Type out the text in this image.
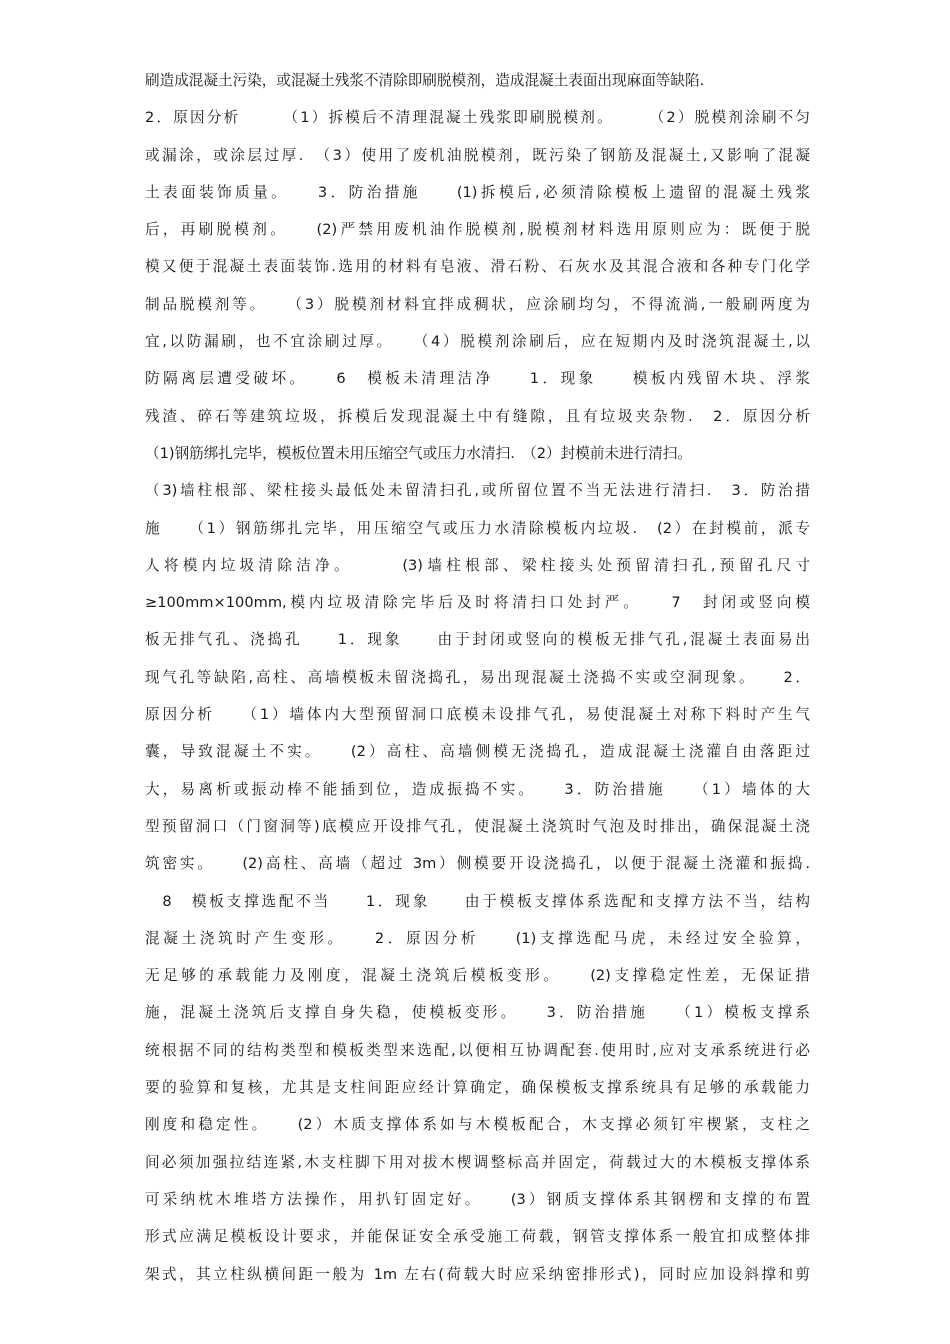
刷造成混凝土污染，或混凝土残浆不清除即刷脱模剂，造成混凝土表面出现麻面等缺陷.
2．原因分析　　　（1）拆模后不清理混凝土残浆即刷脱模剂。　　　（2）脱模剂涂刷不匀
或漏涂，或涂层过厚.　（3）使用了废机油脱模剂，既污染了钢筋及混凝土,又影响了混凝
土表面装饰质量。　　3．防治措施　　(1)拆模后,必须清除模板上遗留的混凝土残浆
后，再刷脱模剂。　　(2)严禁用废机油作脱模剂,脱模剂材料选用原则应为：既便于脱
模又便于混凝土表面装饰.选用的材料有皂液、滑石粉、石灰水及其混合液和各种专门化学
制品脱模剂等。　　（3）脱模剂材料宜拌成稠状，应涂刷均匀，不得流淌,一般刷两度为
宜,以防漏刷，也不宜涂刷过厚。　　（4）脱模剂涂刷后，应在短期内及时浇筑混凝土,以
防隔离层遭受破坏。　　6　模板未清理洁净　　1．现象　　模板内残留木块、浮浆
残渣、碎石等建筑垃圾，拆模后发现混凝土中有缝隙，且有垃圾夹杂物.　2．原因分析
（1)钢筋绑扎完毕，模板位置未用压缩空气或压力水清扫.　（2）封模前未进行清扫。
（3)墙柱根部、梁柱接头最低处未留清扫孔,或所留位置不当无法进行清扫.　3．防治措
施　　（1）钢筋绑扎完毕，用压缩空气或压力水清除模板内垃圾.　(2）在封模前，派专
人将模内垃圾清除洁净。　　　(3)墙柱根部、梁柱接头处预留清扫孔,预留孔尺寸
≥100mm×100mm,模内垃圾清除完毕后及时将清扫口处封严。　　7　封闭或竖向模
板无排气孔、浇捣孔　　1．现象　　由于封闭或竖向的模板无排气孔,混凝土表面易出
现气孔等缺陷,高柱、高墙模板未留浇捣孔，易出现混凝土浇捣不实或空洞现象。　　2．
原因分析　　（1）墙体内大型预留洞口底模未设排气孔，易使混凝土对称下料时产生气
囊，导致混凝土不实。　　(2）高柱、高墙侧模无浇捣孔，造成混凝土浇灌自由落距过
大，易离析或振动棒不能插到位，造成振捣不实。　　3．防治措施　　（1）墙体的大
型预留洞口（门窗洞等)底模应开设排气孔，使混凝土浇筑时气泡及时排出，确保混凝土浇
筑密实。　　(2)高柱、高墙（超过 3m）侧模要开设浇捣孔，以便于混凝土浇灌和振捣.
　8　模板支撑选配不当　　1．现象　　由于模板支撑体系选配和支撑方法不当，结构
混凝土浇筑时产生变形。　　2．原因分析　　(1)支撑选配马虎，未经过安全验算，
无足够的承载能力及刚度，混凝土浇筑后模板变形。　　(2)支撑稳定性差，无保证措
施，混凝土浇筑后支撑自身失稳，使模板变形。　　3．防治措施　　（1）模板支撑系
统根据不同的结构类型和模板类型来选配,以便相互协调配套.使用时,应对支承系统进行必
要的验算和复核，尤其是支柱间距应经计算确定，确保模板支撑系统具有足够的承载能力
刚度和稳定性。　　(2）木质支撑体系如与木模板配合，木支撑必须钉牢楔紧，支柱之
间必须加强拉结连紧,木支柱脚下用对拔木楔调整标高并固定，荷载过大的木模板支撑体系
可采纳枕木堆塔方法操作，用扒钉固定好。　　(3）钢质支撑体系其钢楞和支撑的布置
形式应满足模板设计要求，并能保证安全承受施工荷载，钢管支撑体系一般宜扣成整体排
架式，其立柱纵横间距一般为 1m 左右(荷载大时应采纳密排形式)，同时应加设斜撑和剪
